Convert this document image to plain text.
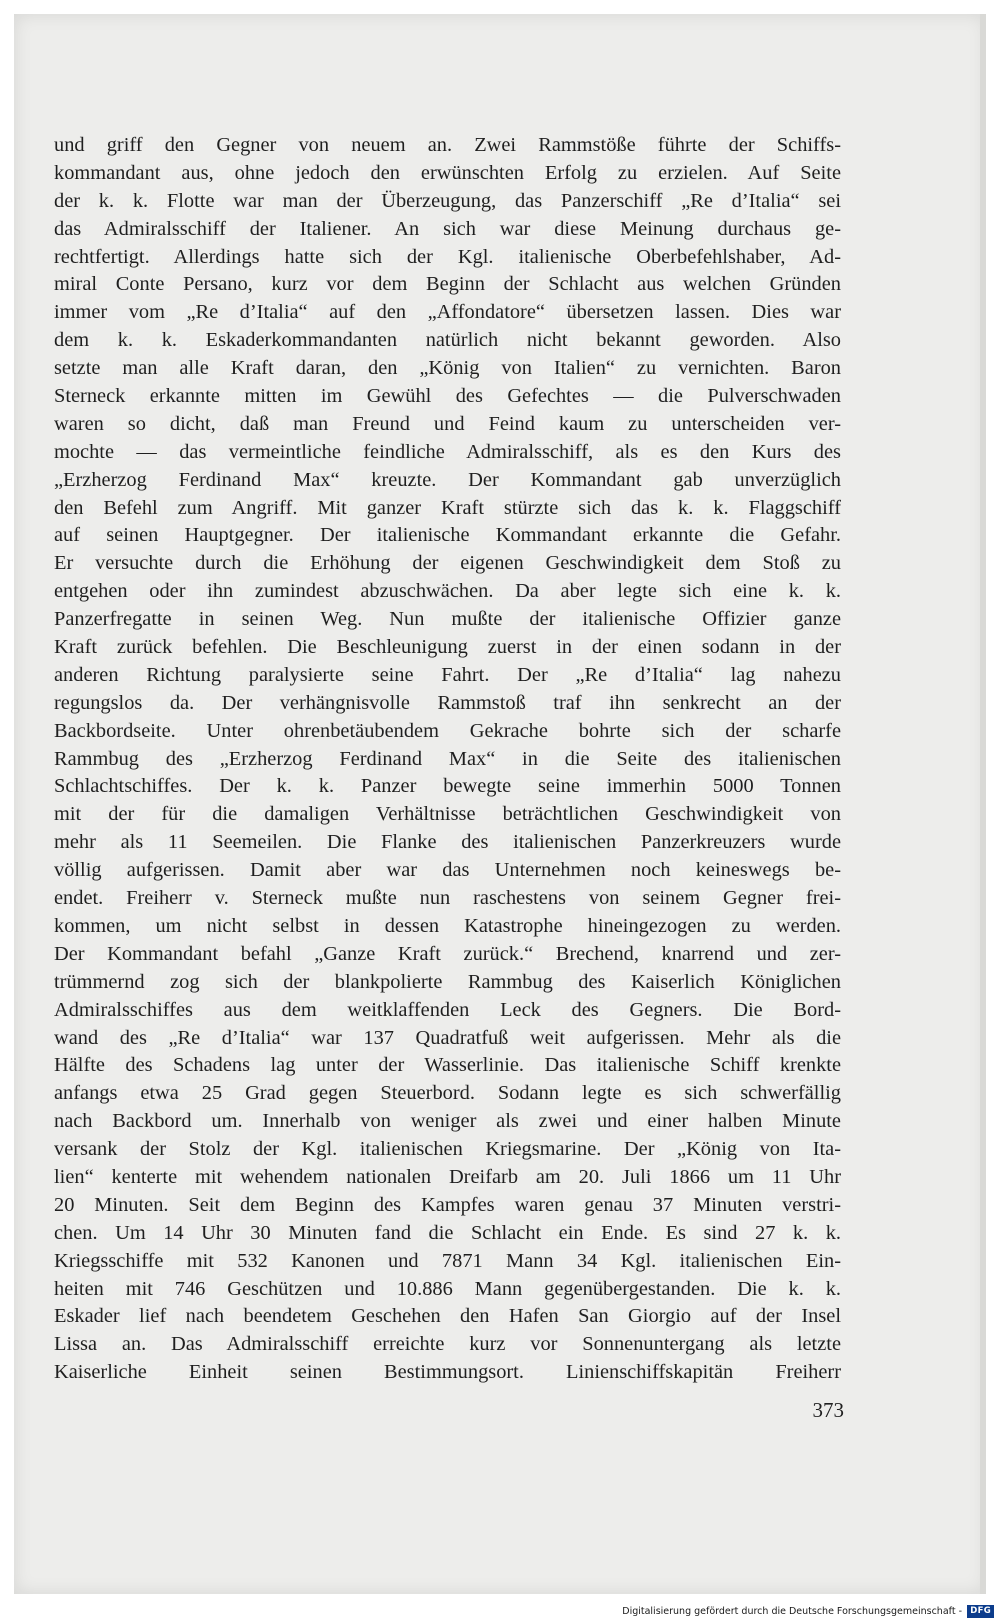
und griff den Gegner von neuem an. Zwei Rammstöße führte der Schiffs-
kommandant aus, ohne jedoch den erwünschten Erfolg zu erzielen. Auf Seite
der k. k. Flotte war man der Überzeugung, das Panzerschiff „Re d’Italia“ sei
das Admiralsschiff der Italiener. An sich war diese Meinung durchaus ge-
rechtfertigt. Allerdings hatte sich der Kgl. italienische Oberbefehlshaber, Ad-
miral Conte Persano, kurz vor dem Beginn der Schlacht aus welchen Gründen
immer vom „Re d’Italia“ auf den „Affondatore“ übersetzen lassen. Dies war
dem k. k. Eskaderkommandanten natürlich nicht bekannt geworden. Also
setzte man alle Kraft daran, den „König von Italien“ zu vernichten. Baron
Sterneck erkannte mitten im Gewühl des Gefechtes — die Pulverschwaden
waren so dicht, daß man Freund und Feind kaum zu unterscheiden ver-
mochte — das vermeintliche feindliche Admiralsschiff, als es den Kurs des
„Erzherzog Ferdinand Max“ kreuzte. Der Kommandant gab unverzüglich
den Befehl zum Angriff. Mit ganzer Kraft stürzte sich das k. k. Flaggschiff
auf seinen Hauptgegner. Der italienische Kommandant erkannte die Gefahr.
Er versuchte durch die Erhöhung der eigenen Geschwindigkeit dem Stoß zu
entgehen oder ihn zumindest abzuschwächen. Da aber legte sich eine k. k.
Panzerfregatte in seinen Weg. Nun mußte der italienische Offizier ganze
Kraft zurück befehlen. Die Beschleunigung zuerst in der einen sodann in der
anderen Richtung paralysierte seine Fahrt. Der „Re d’Italia“ lag nahezu
regungslos da. Der verhängnisvolle Rammstoß traf ihn senkrecht an der
Backbordseite. Unter ohrenbetäubendem Gekrache bohrte sich der scharfe
Rammbug des „Erzherzog Ferdinand Max“ in die Seite des italienischen
Schlachtschiffes. Der k. k. Panzer bewegte seine immerhin 5000 Tonnen
mit der für die damaligen Verhältnisse beträchtlichen Geschwindigkeit von
mehr als 11 Seemeilen. Die Flanke des italienischen Panzerkreuzers wurde
völlig aufgerissen. Damit aber war das Unternehmen noch keineswegs be-
endet. Freiherr v. Sterneck mußte nun raschestens von seinem Gegner frei-
kommen, um nicht selbst in dessen Katastrophe hineingezogen zu werden.
Der Kommandant befahl „Ganze Kraft zurück.“ Brechend, knarrend und zer-
trümmernd zog sich der blankpolierte Rammbug des Kaiserlich Königlichen
Admiralsschiffes aus dem weitklaffenden Leck des Gegners. Die Bord-
wand des „Re d’Italia“ war 137 Quadratfuß weit aufgerissen. Mehr als die
Hälfte des Schadens lag unter der Wasserlinie. Das italienische Schiff krenkte
anfangs etwa 25 Grad gegen Steuerbord. Sodann legte es sich schwerfällig
nach Backbord um. Innerhalb von weniger als zwei und einer halben Minute
versank der Stolz der Kgl. italienischen Kriegsmarine. Der „König von Ita-
lien“ kenterte mit wehendem nationalen Dreifarb am 20. Juli 1866 um 11 Uhr
20 Minuten. Seit dem Beginn des Kampfes waren genau 37 Minuten verstri-
chen. Um 14 Uhr 30 Minuten fand die Schlacht ein Ende. Es sind 27 k. k.
Kriegsschiffe mit 532 Kanonen und 7871 Mann 34 Kgl. italienischen Ein-
heiten mit 746 Geschützen und 10.886 Mann gegenübergestanden. Die k. k.
Eskader lief nach beendetem Geschehen den Hafen San Giorgio auf der Insel
Lissa an. Das Admiralsschiff erreichte kurz vor Sonnenuntergang als letzte
Kaiserliche Einheit seinen Bestimmungsort. Linienschiffskapitän Freiherr
373
Digitalisierung gefördert durch die Deutsche Forschungsgemeinschaft - DFG
